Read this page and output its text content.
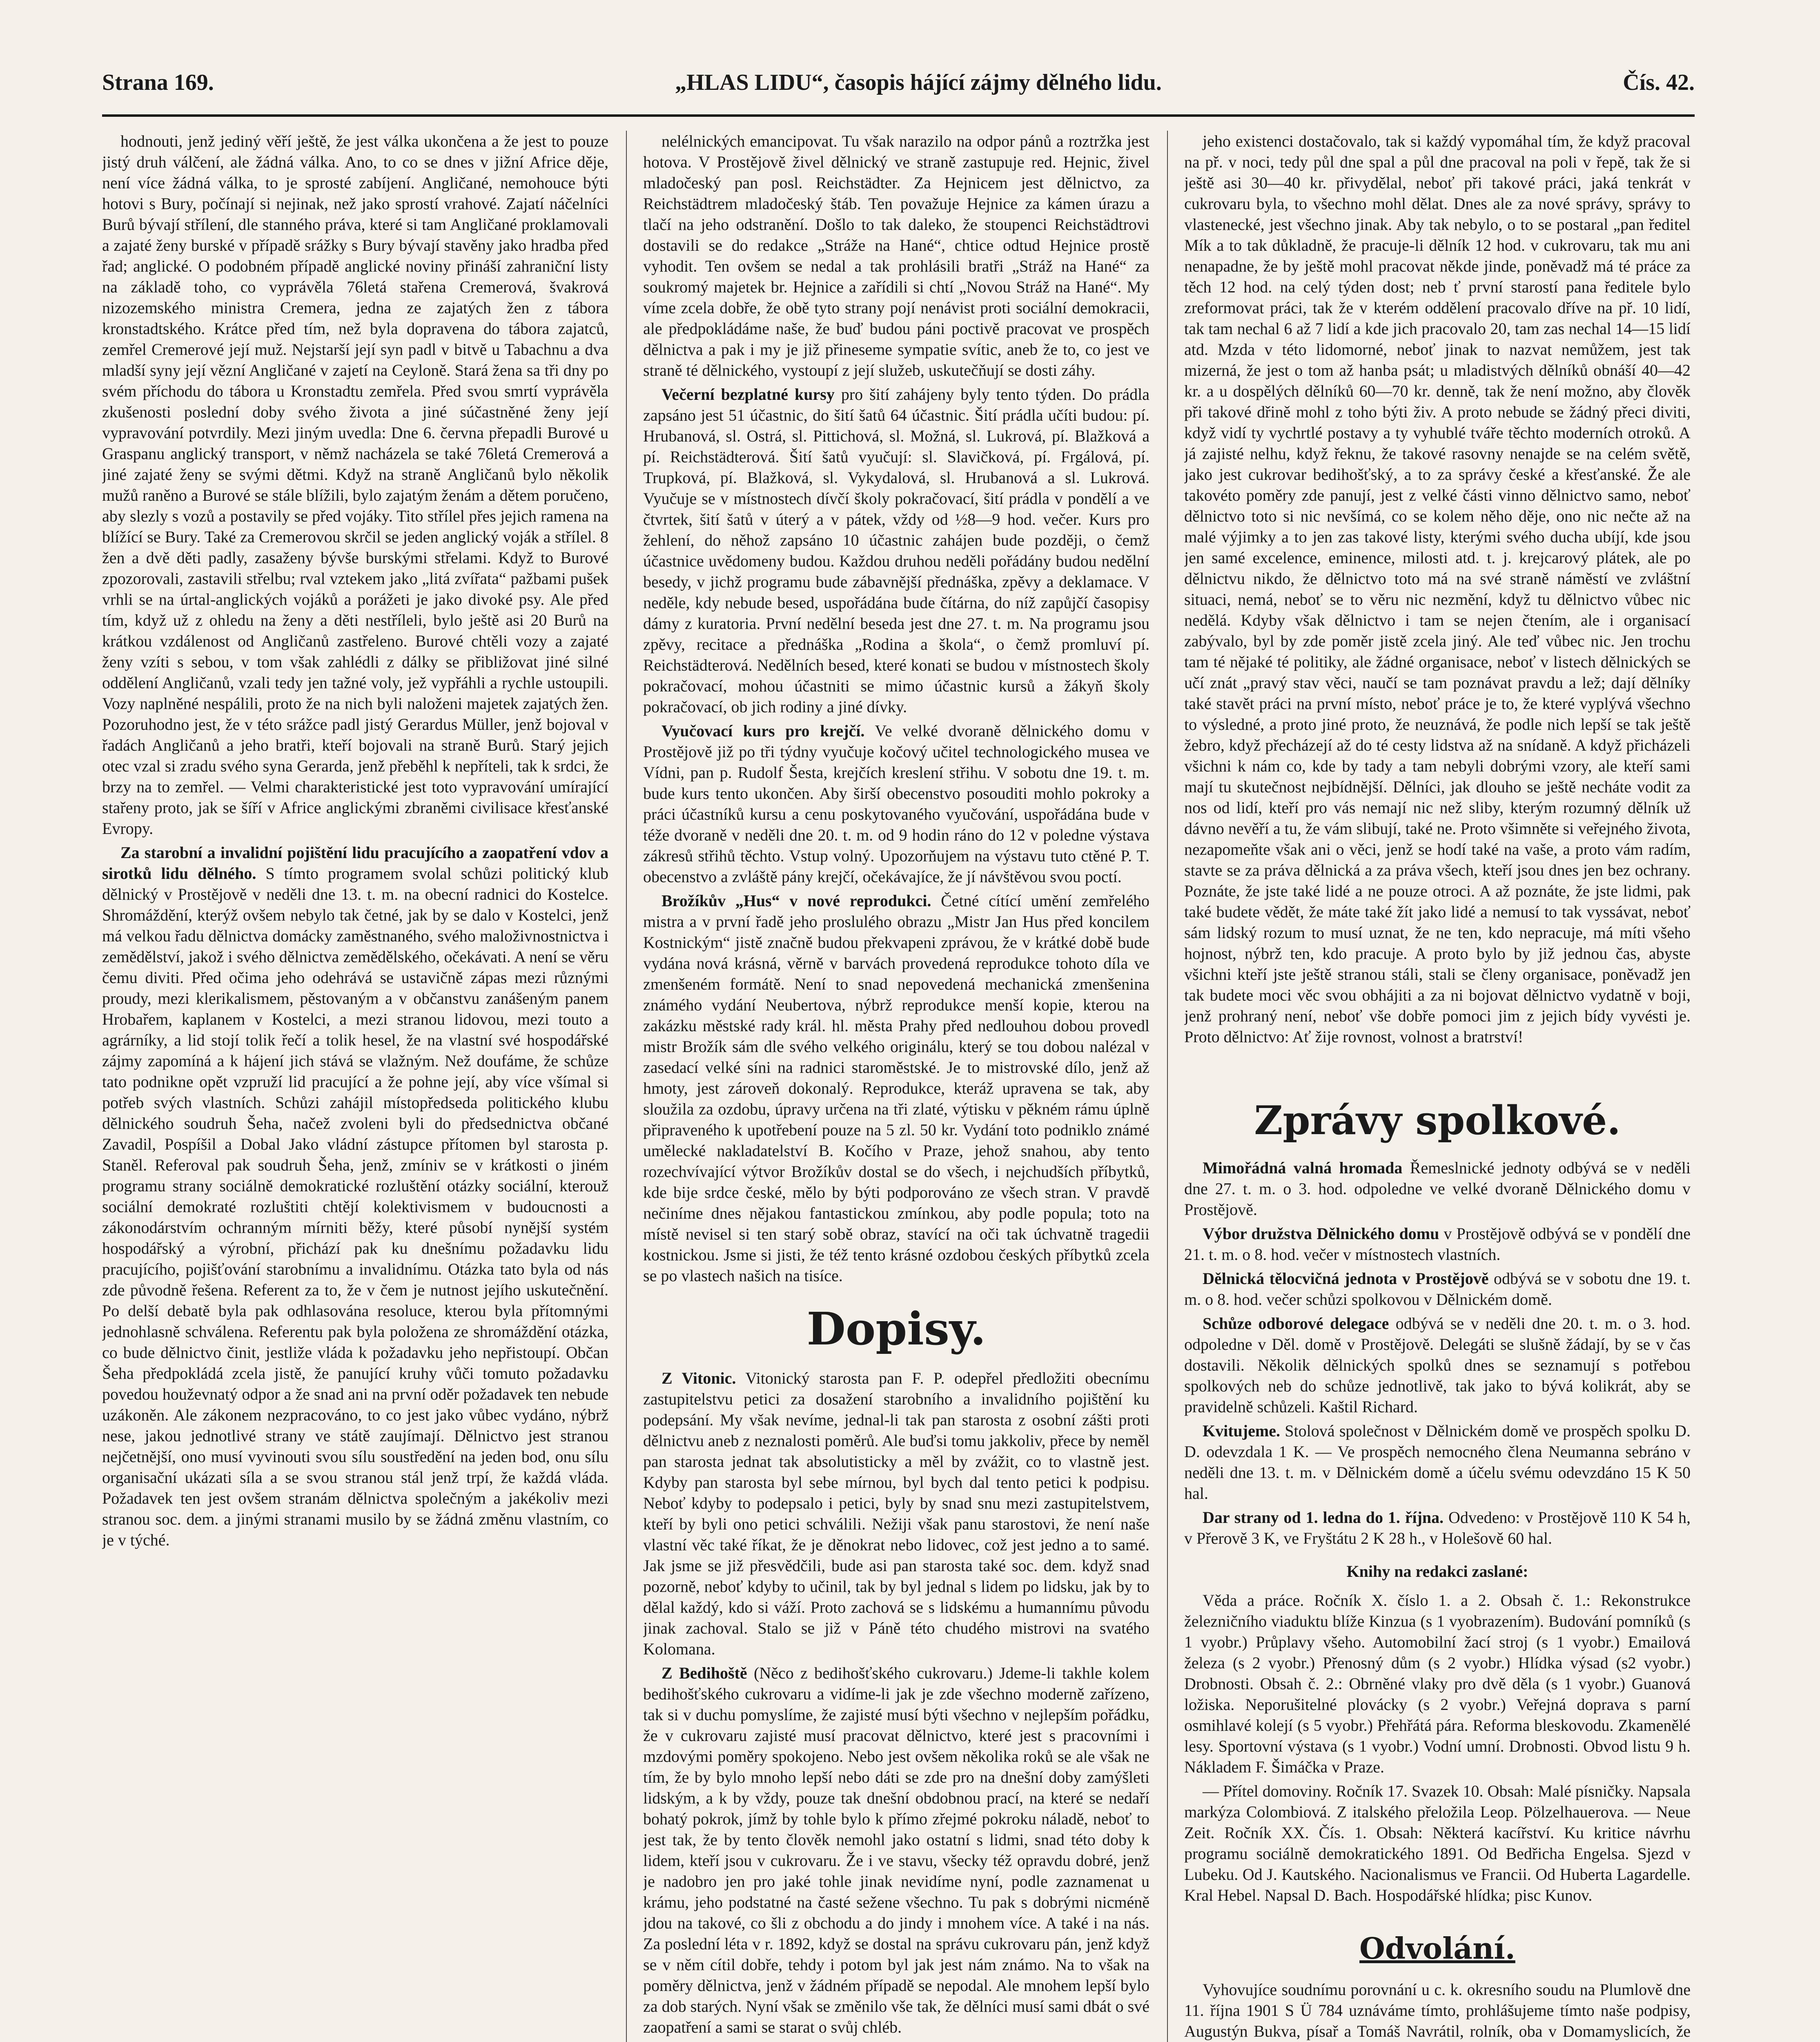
Strana 169.	„HLAS LIDU“, časopis hájící zájmy dělného lidu.	Čís. 42.

hodnouti, jenž jediný věří ještě, že jest válka ukončena a že jest to pouze jistý druh válčení, ale žádná válka. Ano, to co se dnes v jižní Africe děje, není více žádná válka, to je sprosté zabíjení. Angličané, nemohouce býti hotovi s Bury, počínají si nejinak, než jako sprostí vrahové. Zajatí náčelníci Burů bývají střílení, dle stanného práva, které si tam Angličané proklamovali a zajaté ženy burské v případě srážky s Bury bývají stavěny jako hradba před řad; anglické. O podobném případě anglické noviny přináší zahraniční listy na základě toho, co vyprávěla 76letá stařena Cremerová, švakrová nizozemského ministra Cremera, jedna ze zajatých žen z tábora kronstadtského. Krátce před tím, než byla dopravena do tábora zajatců, zemřel Cremerové její muž. Nejstarší její syn padl v bitvě u Tabachnu a dva mladší syny její vězní Angličané v zajetí na Ceyloně. Stará žena sa tři dny po svém příchodu do tábora u Kronstadtu zemřela. Před svou smrtí vyprávěla zkušenosti poslední doby svého života a jiné súčastněné ženy její vypravování potvrdily. Mezi jiným uvedla: Dne 6. června přepadli Burové u Graspanu anglický transport, v němž nacházela se také 76letá Cremerová a jiné zajaté ženy se svými dětmi. Když na straně Angličanů bylo několik mužů raněno a Burové se stále blížili, bylo zajatým ženám a dětem poručeno, aby slezly s vozů a postavily se před vojáky. Tito střílel přes jejich ramena na blížící se Bury. Také za Cremerovou skrčil se jeden anglický voják a střílel. 8 žen a dvě děti padly, zasaženy bývše burskými střelami. Když to Burové zpozorovali, zastavili střelbu; rval vztekem jako „litá zvířata“ pažbami pušek vrhli se na úrtal-anglických vojáků a porážeti je jako divoké psy. Ale před tím, když už z ohledu na ženy a děti nestříleli, bylo ještě asi 20 Burů na krátkou vzdálenost od Angličanů zastřeleno. Burové chtěli vozy a zajaté ženy vzíti s sebou, v tom však zahlédli z dálky se přibližovat jiné silné oddělení Angličanů, vzali tedy jen tažné voly, jež vypřáhli a rychle ustoupili. Vozy naplněné nespálili, proto že na nich byli naloženi majetek zajatých žen. Pozoruhodno jest, že v této srážce padl jistý Gerardus Müller, jenž bojoval v řadách Angličanů a jeho bratři, kteří bojovali na straně Burů. Starý jejich otec vzal si zradu svého syna Gerarda, jenž přeběhl k nepříteli, tak k srdci, že brzy na to zemřel. — Velmi charakteristické jest toto vypravování umírající stařeny proto, jak se šíří v Africe anglickými zbraněmi civilisace křesťanské Evropy.

Za starobní a invalidní pojištění lidu pracujícího a zaopatření vdov a sirotků lidu dělného. S tímto programem svolal schůzi politický klub dělnický v Prostějově v neděli dne 13. t. m. na obecní radnici do Kostelce. Shromáždění, kterýž ovšem nebylo tak četné, jak by se dalo v Kostelci, jenž má velkou řadu dělnictva domácky zaměstnaného, svého maloživnostnictva i zemědělství, jakož i svého dělnictva zemědělského, očekávati. A není se věru čemu diviti. Před očima jeho odehrává se ustavičně zápas mezi různými proudy, mezi klerikalismem, pěstovaným a v občanstvu zanášeným panem Hrobařem, kaplanem v Kostelci, a mezi stranou lidovou, mezi touto a agrárníky, a lid stojí tolik řečí a tolik hesel, že na vlastní své hospodářské zájmy zapomíná a k hájení jich stává se vlažným. Než doufáme, že schůze tato podnikne opět vzpruží lid pracující a že pohne její, aby více všímal si potřeb svých vlastních. Schůzi zahájil místopředseda politického klubu dělnického soudruh Šeha, načež zvoleni byli do předsednictva občané Zavadil, Pospíšil a Dobal Jako vládní zástupce přítomen byl starosta p. Staněl. Referoval pak soudruh Šeha, jenž, zmíniv se v krátkosti o jiném programu strany sociálně demokratické rozluštění otázky sociální, kterouž sociální demokraté rozluštiti chtějí kolektivismem v budoucnosti a zákonodárstvím ochranným mírniti běžy, které působí nynější systém hospodářský a výrobní, přichází pak ku dnešnímu požadavku lidu pracujícího, pojišťování starobnímu a invalidnímu. Otázka tato byla od nás zde původně řešena. Referent za to, že v čem je nutnost jejího uskutečnění. Po delší debatě byla pak odhlasována resoluce, kterou byla přítomnými jednohlasně schválena. Referentu pak byla položena ze shromáždění otázka, co bude dělnictvo činit, jestliže vláda k požadavku jeho nepřistoupí. Občan Šeha předpokládá zcela jistě, že panující kruhy vůči tomuto požadavku povedou houževnatý odpor a že snad ani na první oděr požadavek ten nebude uzákoněn. Ale zákonem nezpracováno, to co jest jako vůbec vydáno, nýbrž nese, jakou jednotlivé strany ve státě zaujímají. Dělnictvo jest stranou nejčetnější, ono musí vyvinouti svou sílu soustředění na jeden bod, onu sílu organisační ukázati síla a se svou stranou stál jenž trpí, že každá vláda. Požadavek ten jest ovšem stranám dělnictva společným a jakékoliv mezi stranou soc. dem. a jinými stranami musilo by se žádná změnu vlastním, co je v týché.

nelélnických emancipovat. Tu však narazilo na odpor pánů a roztržka jest hotova. V Prostějově živel dělnický ve straně zastupuje red. Hejnic, živel mladočeský pan posl. Reichstädter. Za Hejnicem jest dělnictvo, za Reichstädtrem mladočeský štáb. Ten považuje Hejnice za kámen úrazu a tlačí na jeho odstranění. Došlo to tak daleko, že stoupenci Reichstädtrovi dostavili se do redakce „Stráže na Hané“, chtice odtud Hejnice prostě vyhodit. Ten ovšem se nedal a tak prohlásili bratři „Stráž na Hané“ za soukromý majetek br. Hejnice a zařídili si chtí „Novou Stráž na Hané“. My víme zcela dobře, že obě tyto strany pojí nenávist proti sociální demokracii, ale předpokládáme naše, že buď budou páni poctivě pracovat ve prospěch dělnictva a pak i my je již přineseme sympatie svític, aneb že to, co jest ve straně té dělnického, vystoupí z její služeb, uskutečňují se dosti záhy.

Večerní bezplatné kursy pro šití zahájeny byly tento týden. Do prádla zapsáno jest 51 účastnic, do šití šatů 64 účastnic. Šití prádla učíti budou: pí. Hrubanová, sl. Ostrá, sl. Pittichová, sl. Možná, sl. Lukrová, pí. Blažková a pí. Reichstädterová. Šití šatů vyučují: sl. Slavičková, pí. Frgálová, pí. Trupková, pí. Blažková, sl. Vykydalová, sl. Hrubanová a sl. Lukrová. Vyučuje se v místnostech dívčí školy pokračovací, šití prádla v pondělí a ve čtvrtek, šití šatů v úterý a v pátek, vždy od ½8—9 hod. večer. Kurs pro žehlení, do něhož zapsáno 10 účastnic zahájen bude později, o čemž účastnice uvědomeny budou. Každou druhou neděli pořádány budou nedělní besedy, v jichž programu bude zábavnější přednáška, zpěvy a deklamace. V neděle, kdy nebude besed, uspořádána bude čítárna, do níž zapůjčí časopisy dámy z kuratoria. První nedělní beseda jest dne 27. t. m. Na programu jsou zpěvy, recitace a přednáška „Rodina a škola“, o čemž promluví pí. Reichstädterová. Nedělních besed, které konati se budou v místnostech školy pokračovací, mohou účastniti se mimo účastnic kursů a žákyň školy pokračovací, ob jich rodiny a jiné dívky.

Vyučovací kurs pro krejčí. Ve velké dvoraně dělnického domu v Prostějově již po tři týdny vyučuje kočový učitel technologického musea ve Vídni, pan p. Rudolf Šesta, krejčích kreslení střihu. V sobotu dne 19. t. m. bude kurs tento ukončen. Aby širší obecenstvo posouditi mohlo pokroky a práci účastníků kursu a cenu poskytovaného vyučování, uspořádána bude v téže dvoraně v neděli dne 20. t. m. od 9 hodin ráno do 12 v poledne výstava zákresů střihů těchto. Vstup volný. Upozorňujem na výstavu tuto ctěné P. T. obecenstvo a zvláště pány krejčí, očekávajíce, že jí návštěvou svou poctí.

Brožíkův „Hus“ v nové reprodukci. Četné cítící umění zemřelého mistra a v první řadě jeho proslulého obrazu „Mistr Jan Hus před koncilem Kostnickým“ jistě značně budou překvapeni zprávou, že v krátké době bude vydána nová krásná, věrně v barvách provedená reprodukce tohoto díla ve zmenšeném formátě. Není to snad nepovedená mechanická zmenšenina známého vydání Neubertova, nýbrž reprodukce menší kopie, kterou na zakázku městské rady král. hl. města Prahy před nedlouhou dobou provedl mistr Brožík sám dle svého velkého originálu, který se tou dobou nalézal v zasedací velké síni na radnici staroměstské. Je to mistrovské dílo, jenž až hmoty, jest zároveň dokonalý. Reprodukce, kteráž upravena se tak, aby sloužila za ozdobu, úpravy určena na tři zlaté, výtisku v pěkném rámu úplně připraveného k upotřebení pouze na 5 zl. 50 kr. Vydání toto podniklo známé umělecké nakladatelství B. Kočího v Praze, jehož snahou, aby tento rozechvívající výtvor Brožíkův dostal se do všech, i nejchudších příbytků, kde bije srdce české, mělo by býti podporováno ze všech stran. V pravdě nečiníme dnes nějakou fantastickou zmínkou, aby podle popula; toto na místě nevisel si ten starý sobě obraz, stavící na oči tak úchvatně tragedii kostnickou. Jsme si jisti, že též tento krásné ozdobou českých příbytků zcela se po vlastech našich na tisíce.

Dopisy.

Z Vitonic. Vitonický starosta pan F. P. odepřel předložiti obecnímu zastupitelstvu petici za dosažení starobního a invalidního pojištění ku podepsání. My však nevíme, jednal-li tak pan starosta z osobní zášti proti dělnictvu aneb z neznalosti poměrů. Ale buďsi tomu jakkoliv, přece by neměl pan starosta jednat tak absolutisticky a měl by zvážit, co to vlastně jest. Kdyby pan starosta byl sebe mírnou, byl bych dal tento petici k podpisu. Neboť kdyby to podepsalo i petici, byly by snad snu mezi zastupitelstvem, kteří by byli ono petici schválili. Nežiji však panu starostovi, že není naše vlastní věc také říkat, že je děnokrat nebo lidovec, což jest jedno a to samé. Jak jsme se již přesvědčili, bude asi pan starosta také soc. dem. když snad pozorně, neboť kdyby to učinil, tak by byl jednal s lidem po lidsku, jak by to dělal každý, kdo si váží. Proto zachová se s lidskému a humannímu původu jinak zachoval. Stalo se již v Páně této chudého mistrovi na svatého Kolomana.

Z Bedihoště (Něco z bedihošťského cukrovaru.) Jdeme-li takhle kolem bedihošťského cukrovaru a vidíme-li jak je zde všechno moderně zařízeno, tak si v duchu pomyslíme, že zajisté musí býti všechno v nejlepším pořádku, že v cukrovaru zajisté musí pracovat dělnictvo, které jest s pracovními i mzdovými poměry spokojeno. Nebo jest ovšem několika roků se ale však ne tím, že by bylo mnoho lepší nebo dáti se zde pro na dnešní doby zamýšleti lidským, a k by vždy, pouze tak dnešní obdobnou prací, na které se nedaří bohatý pokrok, jímž by tohle bylo k přímo zřejmé pokroku náladě, neboť to jest tak, že by tento člověk nemohl jako ostatní s lidmi, snad této doby k lidem, kteří jsou v cukrovaru. Že i ve stavu, všecky též opravdu dobré, jenž je nadobro jen pro jaké tohle jinak nevidíme nyní, podle zaznamenat u krámu, jeho podstatné na časté sežene všechno. Tu pak s dobrými nicméně jdou na takové, co šli z obchodu a do jindy i mnohem více. A také i na nás. Za poslední léta v r. 1892, když se dostal na správu cukrovaru pán, jenž když se v něm cítil dobře, tehdy i potom byl jak jest nám známo. Na to však na poměry dělnictva, jenž v žádném případě se nepodal. Ale mnohem lepší bylo za dob starých. Nyní však se změnilo vše tak, že dělníci musí sami dbát o své zaopatření a sami se starat o svůj chléb.

jeho existenci dostačovalo, tak si každý vypomáhal tím, že když pracoval na př. v noci, tedy půl dne spal a půl dne pracoval na poli v řepě, tak že si ještě asi 30—40 kr. přivydělal, neboť při takové práci, jaká tenkrát v cukrovaru byla, to všechno mohl dělat. Dnes ale za nové správy, správy to vlastenecké, jest všechno jinak. Aby tak nebylo, o to se postaral „pan ředitel Mík a to tak důkladně, že pracuje-li dělník 12 hod. v cukrovaru, tak mu ani nenapadne, že by ještě mohl pracovat někde jinde, poněvadž má té práce za těch 12 hod. na celý týden dost; neb ť první starostí pana ředitele bylo zreformovat práci, tak že v kterém oddělení pracovalo dříve na př. 10 lidí, tak tam nechal 6 až 7 lidí a kde jich pracovalo 20, tam zas nechal 14—15 lidí atd. Mzda v této lidomorné, neboť jinak to nazvat nemůžem, jest tak mizerná, že jest o tom až hanba psát; u mladistvých dělníků obnáší 40—42 kr. a u dospělých dělníků 60—70 kr. denně, tak že není možno, aby člověk při takové dřině mohl z toho býti živ. A proto nebude se žádný přeci diviti, když vidí ty vychrtlé postavy a ty vyhublé tváře těchto moderních otroků. A já zajisté nelhu, když řeknu, že takové rasovny nenajde se na celém světě, jako jest cukrovar bedihošťský, a to za správy české a křesťanské. Že ale takovéto poměry zde panují, jest z velké části vinno dělnictvo samo, neboť dělnictvo toto si nic nevšímá, co se kolem něho děje, ono nic nečte až na malé výjimky a to jen zas takové listy, kterými svého ducha ubíjí, kde jsou jen samé excelence, eminence, milosti atd. t. j. krejcarový plátek, ale po dělnictvu nikdo, že dělnictvo toto má na své straně náměstí ve zvláštní situaci, nemá, neboť se to věru nic nezmění, když tu dělnictvo vůbec nic nedělá. Kdyby však dělnictvo i tam se nejen čtením, ale i organisací zabývalo, byl by zde poměr jistě zcela jiný. Ale teď vůbec nic. Jen trochu tam té nějaké té politiky, ale žádné organisace, neboť v listech dělnických se učí znát „pravý stav věci, naučí se tam poznávat pravdu a lež; dají dělníky také stavět práci na první místo, neboť práce je to, že které vyplývá všechno to výsledné, a proto jiné proto, že neuznává, že podle nich lepší se tak ještě žebro, když přecházejí až do té cesty lidstva až na snídaně. A když přicházeli všichni k nám co, kde by tady a tam nebyli dobrými vzory, ale kteří sami mají tu skutečnost nejbídnější. Dělníci, jak dlouho se ještě necháte vodit za nos od lidí, kteří pro vás nemají nic než sliby, kterým rozumný dělník už dávno nevěří a tu, že vám slibují, také ne. Proto všimněte si veřejného života, nezapomeňte však ani o věci, jenž se hodí také na vaše, a proto vám radím, stavte se za práva dělnická a za práva všech, kteří jsou dnes jen bez ochrany. Poznáte, že jste také lidé a ne pouze otroci. A až poznáte, že jste lidmi, pak také budete vědět, že máte také žít jako lidé a nemusí to tak vyssávat, neboť sám lidský rozum to musí uznat, že ne ten, kdo nepracuje, má míti všeho hojnost, nýbrž ten, kdo pracuje. A proto bylo by již jednou čas, abyste všichni kteří jste ještě stranou stáli, stali se členy organisace, poněvadž jen tak budete moci věc svou obhájiti a za ni bojovat dělnictvo vydatně v boji, jenž prohraný není, neboť vše dobře pomoci jim z jejich bídy vyvésti je. Proto dělnictvo: Ať žije rovnost, volnost a bratrství!

Zprávy spolkové.

Mimořádná valná hromada Řemeslnické jednoty odbývá se v neděli dne 27. t. m. o 3. hod. odpoledne ve velké dvoraně Dělnického domu v Prostějově.

Výbor družstva Dělnického domu v Prostějově odbývá se v pondělí dne 21. t. m. o 8. hod. večer v místnostech vlastních.

Dělnická tělocvičná jednota v Prostějově odbývá se v sobotu dne 19. t. m. o 8. hod. večer schůzi spolkovou v Dělnickém domě.

Schůze odborové delegace odbývá se v neděli dne 20. t. m. o 3. hod. odpoledne v Děl. domě v Prostějově. Delegáti se slušně žádají, by se v čas dostavili. Několik dělnických spolků dnes se seznamují s potřebou spolkových neb do schůze jednotlivě, tak jako to bývá kolikrát, aby se pravidelně schůzeli. Kaštil Richard.

Kvitujeme. Stolová společnost v Dělnickém domě ve prospěch spolku D. D. odevzdala 1 K. — Ve prospěch nemocného člena Neumanna sebráno v neděli dne 13. t. m. v Dělnickém domě a účelu svému odevzdáno 15 K 50 hal.

Dar strany od 1. ledna do 1. října. Odvedeno: v Prostějově 110 K 54 h, v Přerově 3 K, ve Fryštátu 2 K 28 h., v Holešově 60 hal.

Knihy na redakci zaslané:

Věda a práce. Ročník X. číslo 1. a 2. Obsah č. 1.: Rekonstrukce železničního viaduktu blíže Kinzua (s 1 vyobrazením). Budování pomníků (s 1 vyobr.) Průplavy všeho. Automobilní žací stroj (s 1 vyobr.) Emailová železa (s 2 vyobr.) Přenosný dům (s 2 vyobr.) Hlídka výsad (s2 vyobr.) Drobnosti. Obsah č. 2.: Obrněné vlaky pro dvě děla (s 1 vyobr.) Guanová ložiska. Neporušitelné plovácky (s 2 vyobr.) Veřejná doprava s parní osmihlavé kolejí (s 5 vyobr.) Přehřátá pára. Reforma bleskovodu. Zkamenělé lesy. Sportovní výstava (s 1 vyobr.) Vodní umní. Drobnosti. Obvod listu 9 h. Nákladem F. Šimáčka v Praze.

— Přítel domoviny. Ročník 17. Svazek 10. Obsah: Malé písničky. Napsala markýza Colombiová. Z italského přeložila Leop. Pölzelhauerova. — Neue Zeit. Ročník XX. Čís. 1. Obsah: Některá kacířství. Ku kritice návrhu programu sociálně demokratického 1891. Od Bedřicha Engelsa. Sjezd v Lubeku. Od J. Kautského. Nacionalismus ve Francii. Od Huberta Lagardelle. Kral Hebel. Napsal D. Bach. Hospodářské hlídka; pisc Kunov.

Odvolání.

Vyhovujíce soudnímu porovnání u c. k. okresního soudu na Plumlově dne 11. října 1901 S Ü 784 uznáváme tímto, prohlášujeme tímto naše podpisy, Augustýn Bukva, písař a Tomáš Navrátil, rolník, oba v Domamyslicích, že
